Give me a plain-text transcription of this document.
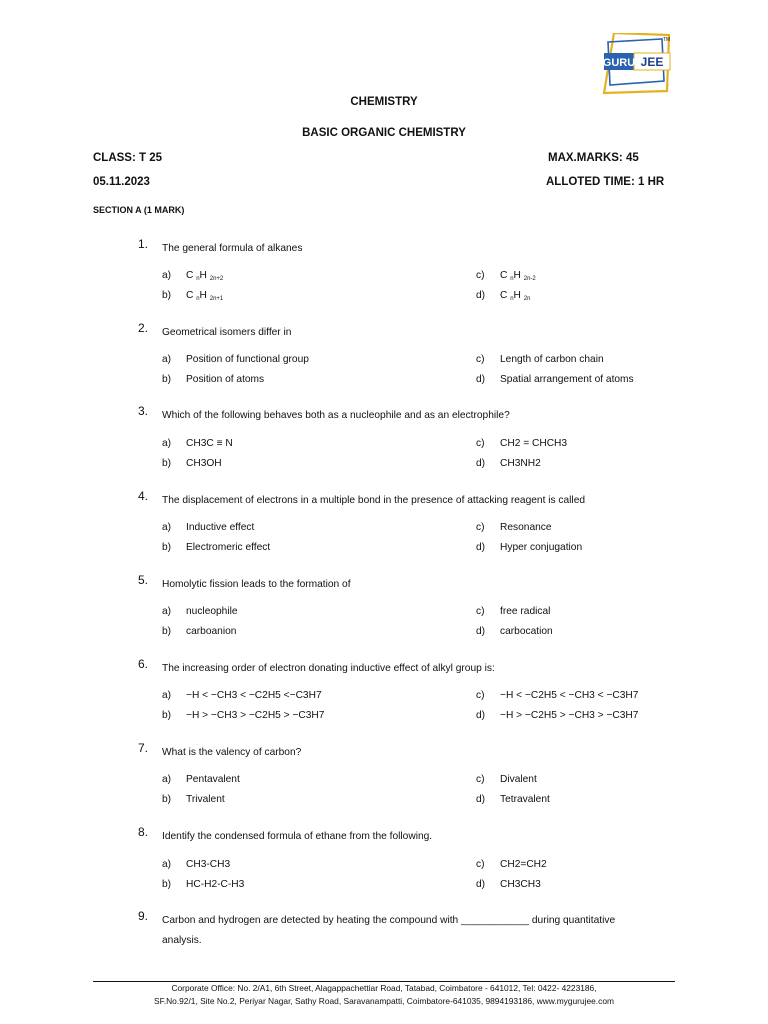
GURU JEE
TM
CHEMISTRY
BASIC ORGANIC CHEMISTRY
CLASS: T 25	MAX.MARKS: 45
05.11.2023	ALLOTED TIME: 1 HR
SECTION A (1 MARK)
1. The general formula of alkanes
a) C nH 2n+2
b) C nH 2n+1
c) C nH 2n-2
d) C nH 2n
2. Geometrical isomers differ in
a) Position of functional group
b) Position of atoms
c) Length of carbon chain
d) Spatial arrangement of atoms
3. Which of the following behaves both as a nucleophile and as an electrophile?
a) CH3C ≡ N
b) CH3OH
c) CH2 = CHCH3
d) CH3NH2
4. The displacement of electrons in a multiple bond in the presence of attacking reagent is called
a) Inductive effect
b) Electromeric effect
c) Resonance
d) Hyper conjugation
5. Homolytic fission leads to the formation of
a) nucleophile
b) carboanion
c) free radical
d) carbocation
6. The increasing order of electron donating inductive effect of alkyl group is:
a) −H < −CH3 < −C2H5 <−C3H7
b) −H > −CH3 > −C2H5 > −C3H7
c) −H < −C2H5 < −CH3 < −C3H7
d) −H > −C2H5 > −CH3 > −C3H7
7. What is the valency of carbon?
a) Pentavalent
b) Trivalent
c) Divalent
d) Tetravalent
8. Identify the condensed formula of ethane from the following.
a) CH3-CH3
b) HC-H2-C-H3
c) CH2=CH2
d) CH3CH3
9. Carbon and hydrogen are detected by heating the compound with ____________ during quantitative analysis.
Corporate Office: No. 2/A1, 6th Street, Alagappachettiar Road, Tatabad, Coimbatore - 641012, Tel: 0422- 4223186,
SF.No.92/1, Site No.2, Periyar Nagar, Sathy Road, Saravanampatti, Coimbatore-641035, 9894193186, www.mygurujee.com
